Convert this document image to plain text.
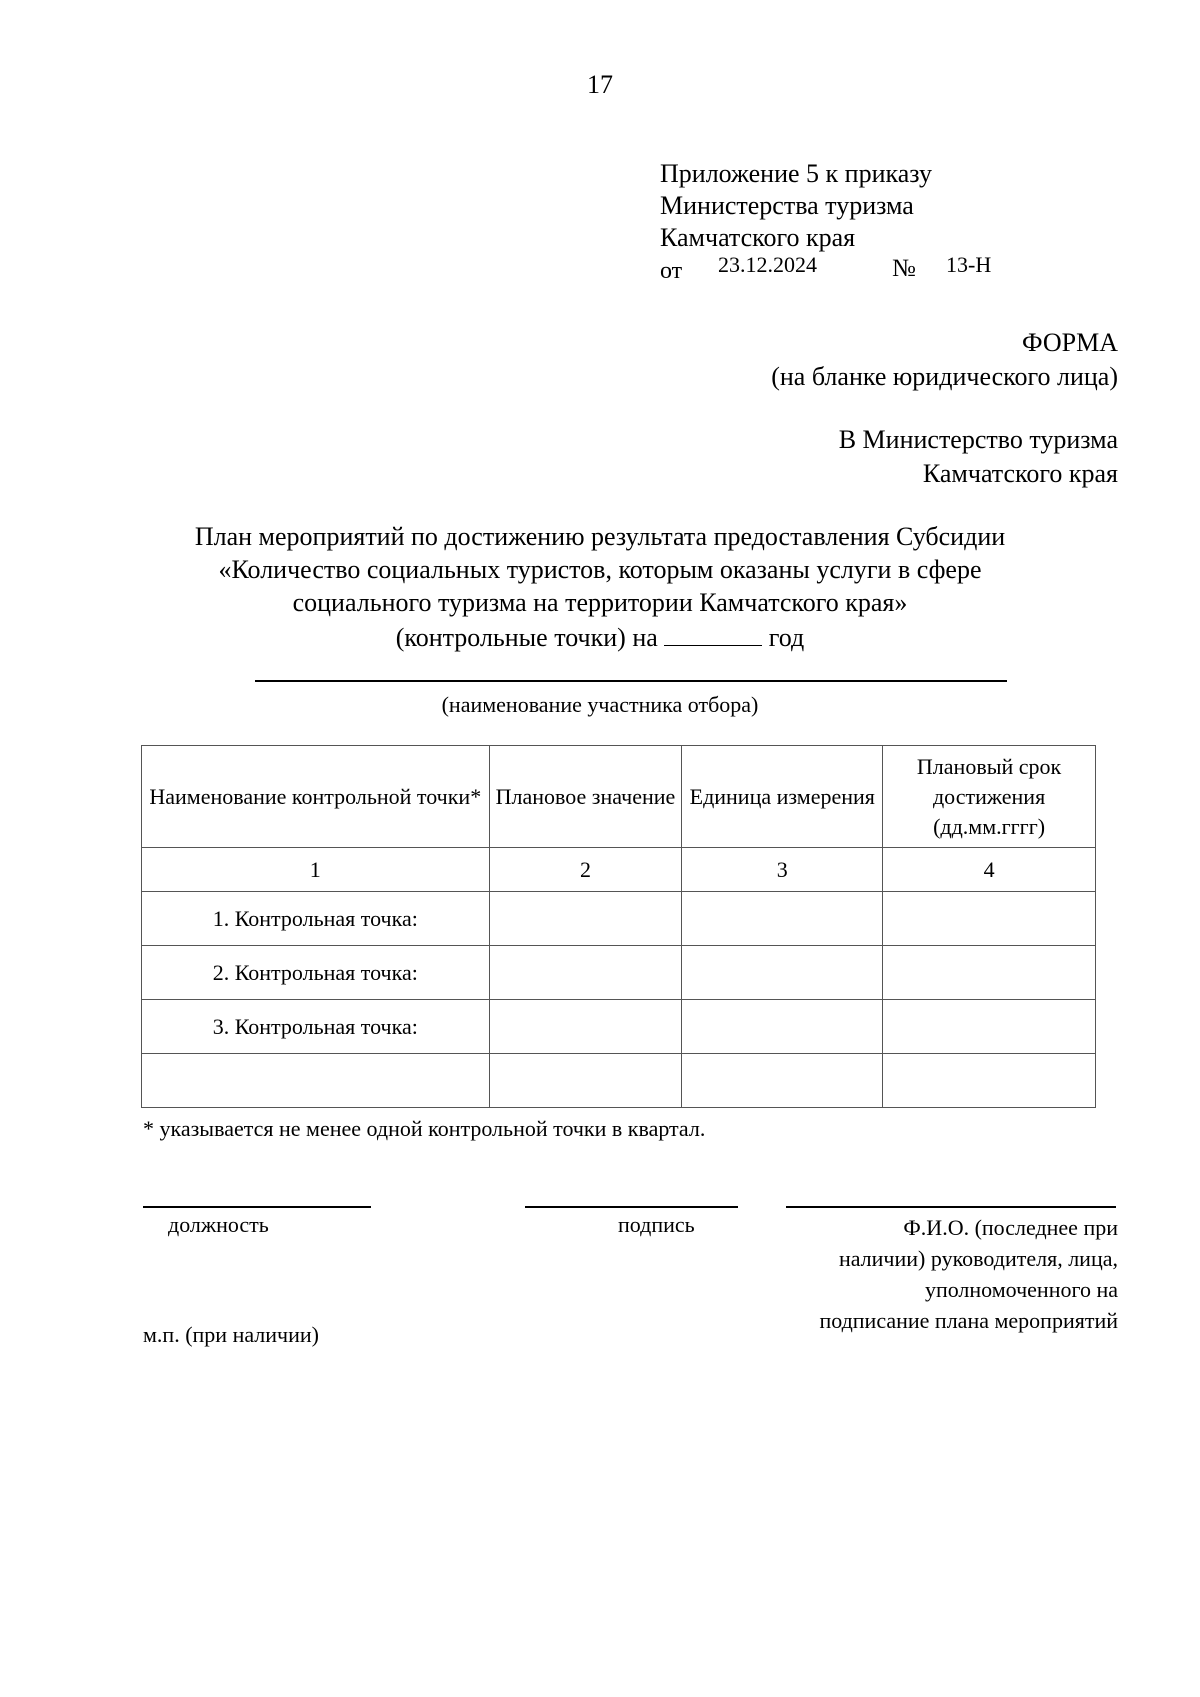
17
Приложение 5 к приказу
Министерства туризма
Камчатского края
от 23.12.2024	№ 13-Н
ФОРМА
(на бланке юридического лица)
В Министерство туризма
Камчатского края
План мероприятий по достижению результата предоставления Субсидии
«Количество социальных туристов, которым оказаны услуги в сфере
социального туризма на территории Камчатского края»
(контрольные точки) на	год
(наименование участника отбора)
Наименование контрольной точки*	Плановое значение	Единица измерения	Плановый срок достижения (дд.мм.гггг)
1	2	3	4
1. Контрольная точка:			
2. Контрольная точка:			
3. Контрольная точка:			

* указывается не менее одной контрольной точки в квартал.
должность	подпись	Ф.И.О. (последнее при
наличии) руководителя, лица,
уполномоченного на
подписание плана мероприятий
м.п. (при наличии)
